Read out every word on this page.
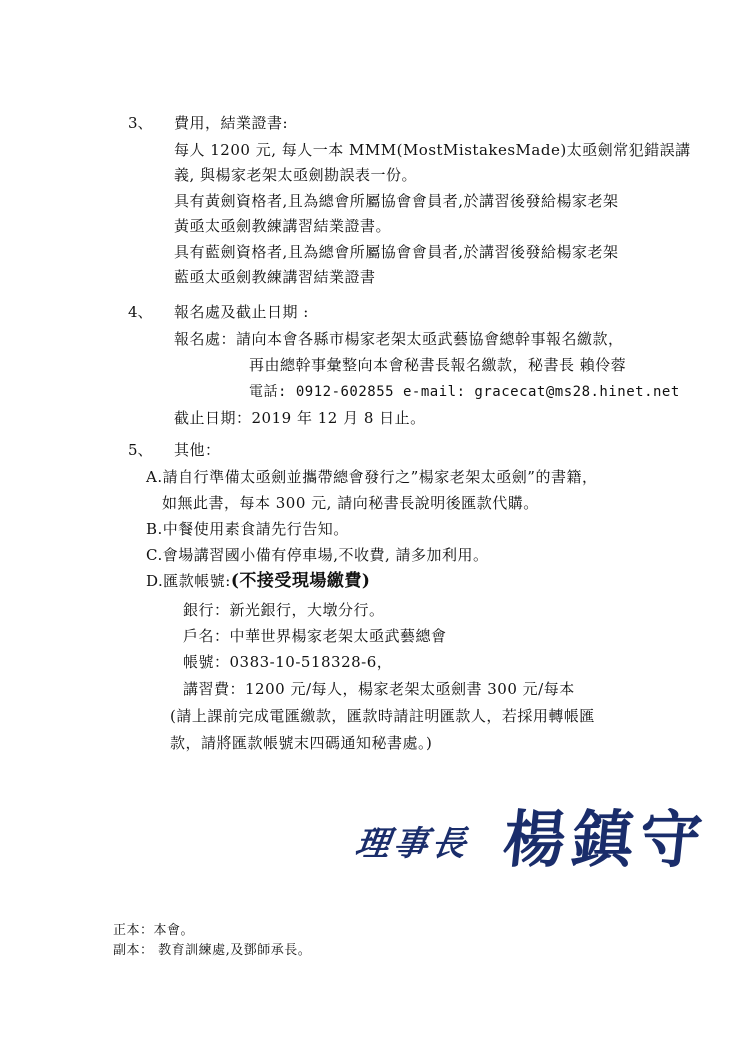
3、 費用，結業證書:
每人 1200 元, 每人一本 MMM(MostMistakesMade)太亟劍常犯錯誤講
義, 與楊家老架太亟劍勘誤表一份。
具有黃劍資格者,且為總會所屬協會會員者,於講習後發給楊家老架
黃亟太亟劍教練講習結業證書。
具有藍劍資格者,且為總會所屬協會會員者,於講習後發給楊家老架
藍亟太亟劍教練講習結業證書
4、 報名處及截止日期 :
報名處：請向本會各縣市楊家老架太亟武藝協會總幹事報名繳款，
再由總幹事彙整向本會秘書長報名繳款，秘書長 賴伶蓉
電話: 0912-602855 e-mail: gracecat@ms28.hinet.net
截止日期：2019 年 12 月 8 日止。
5、 其他：
A.請自行準備太亟劍並攜帶總會發行之”楊家老架太亟劍”的書籍，
如無此書，每本 300 元, 請向秘書長說明後匯款代購。
B.中餐使用素食請先行告知。
C.會場講習國小備有停車場,不收費, 請多加利用。
D.匯款帳號:(不接受現場繳費)
銀行：新光銀行，大墩分行。
戶名：中華世界楊家老架太亟武藝總會
帳號：0383-10-518328-6，
講習費：1200 元/每人，楊家老架太亟劍書 300 元/每本
(請上課前完成電匯繳款，匯款時請註明匯款人，若採用轉帳匯
款，請將匯款帳號末四碼通知秘書處。)
理事長 楊鎮守
正本：本會。
副本： 教育訓練處,及鄧師承長。
